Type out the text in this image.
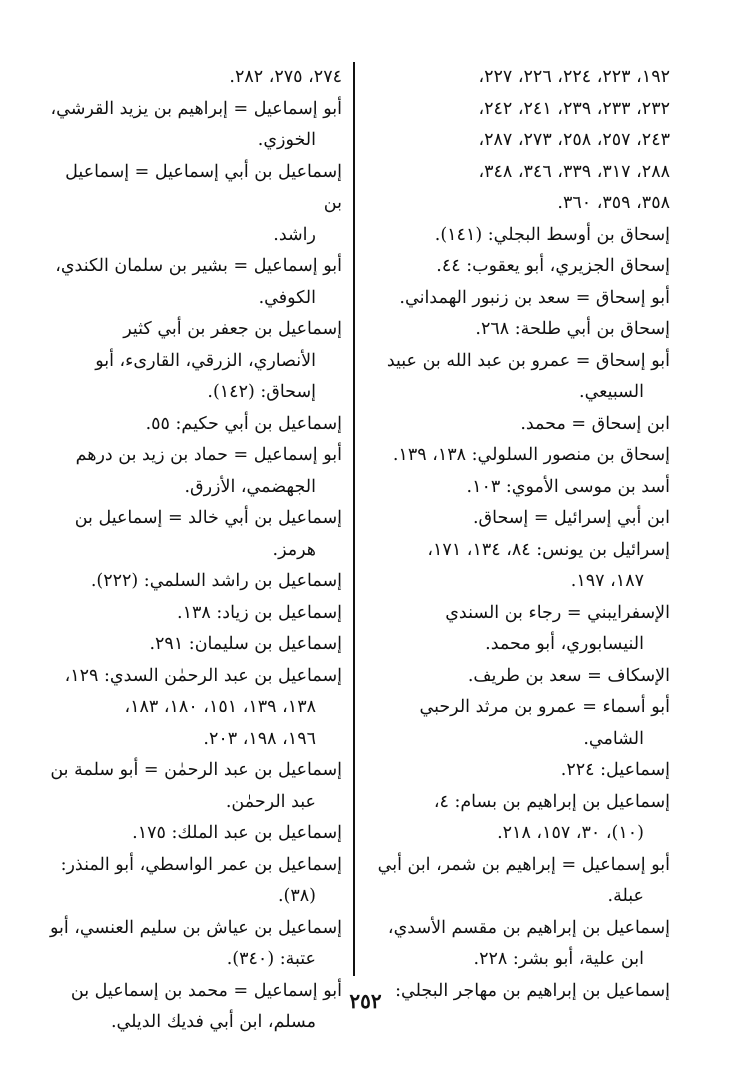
١٩٢، ٢٢٣، ٢٢٤، ٢٢٦، ٢٢٧،
٢٣٢، ٢٣٣، ٢٣٩، ٢٤١، ٢٤٢،
٢٤٣، ٢٥٧، ٢٥٨، ٢٧٣، ٢٨٧،
٢٨٨، ٣١٧، ٣٣٩، ٣٤٦، ٣٤٨،
٣٥٨، ٣٥٩، ٣٦٠.
إسحاق بن أوسط البجلي: (١٤١).
إسحاق الجزيري، أبو يعقوب: ٤٤.
أبو إسحاق = سعد بن زنبور الهمداني.
إسحاق بن أبي طلحة: ٢٦٨.
أبو إسحاق = عمرو بن عبد الله بن عبيد
السبيعي.
ابن إسحاق = محمد.
إسحاق بن منصور السلولي: ١٣٨، ١٣٩.
أسد بن موسى الأموي: ١٠٣.
ابن أبي إسرائيل = إسحاق.
إسرائيل بن يونس: ٨٤، ١٣٤، ١٧١،
١٨٧، ١٩٧.
الإسفرايبني = رجاء بن السندي
النيسابوري، أبو محمد.
الإسكاف = سعد بن طريف.
أبو أسماء = عمرو بن مرثد الرحبي
الشامي.
إسماعيل: ٢٢٤.
إسماعيل بن إبراهيم بن بسام: ٤،
(١٠)، ٣٠، ١٥٧، ٢١٨.
أبو إسماعيل = إبراهيم بن شمر، ابن أبي
عبلة.
إسماعيل بن إبراهيم بن مقسم الأسدي،
ابن علية، أبو بشر: ٢٢٨.
إسماعيل بن إبراهيم بن مهاجر البجلي:
٢٧٤، ٢٧٥، ٢٨٢.
أبو إسماعيل = إبراهيم بن يزيد القرشي،
الخوزي.
إسماعيل بن أبي إسماعيل = إسماعيل بن
راشد.
أبو إسماعيل = بشير بن سلمان الكندي،
الكوفي.
إسماعيل بن جعفر بن أبي كثير
الأنصاري، الزرقي، القارىء، أبو
إسحاق: (١٤٢).
إسماعيل بن أبي حكيم: ٥٥.
أبو إسماعيل = حماد بن زيد بن درهم
الجهضمي، الأزرق.
إسماعيل بن أبي خالد = إسماعيل بن
هرمز.
إسماعيل بن راشد السلمي: (٢٢٢).
إسماعيل بن زياد: ١٣٨.
إسماعيل بن سليمان: ٢٩١.
إسماعيل بن عبد الرحمٰن السدي: ١٢٩،
١٣٨، ١٣٩، ١٥١، ١٨٠، ١٨٣،
١٩٦، ١٩٨، ٢٠٣.
إسماعيل بن عبد الرحمٰن = أبو سلمة بن
عبد الرحمٰن.
إسماعيل بن عبد الملك: ١٧٥.
إسماعيل بن عمر الواسطي، أبو المنذر:
(٣٨).
إسماعيل بن عياش بن سليم العنسي، أبو
عتبة: (٣٤٠).
أبو إسماعيل = محمد بن إسماعيل بن
مسلم، ابن أبي فديك الديلي.
٢٥٢
